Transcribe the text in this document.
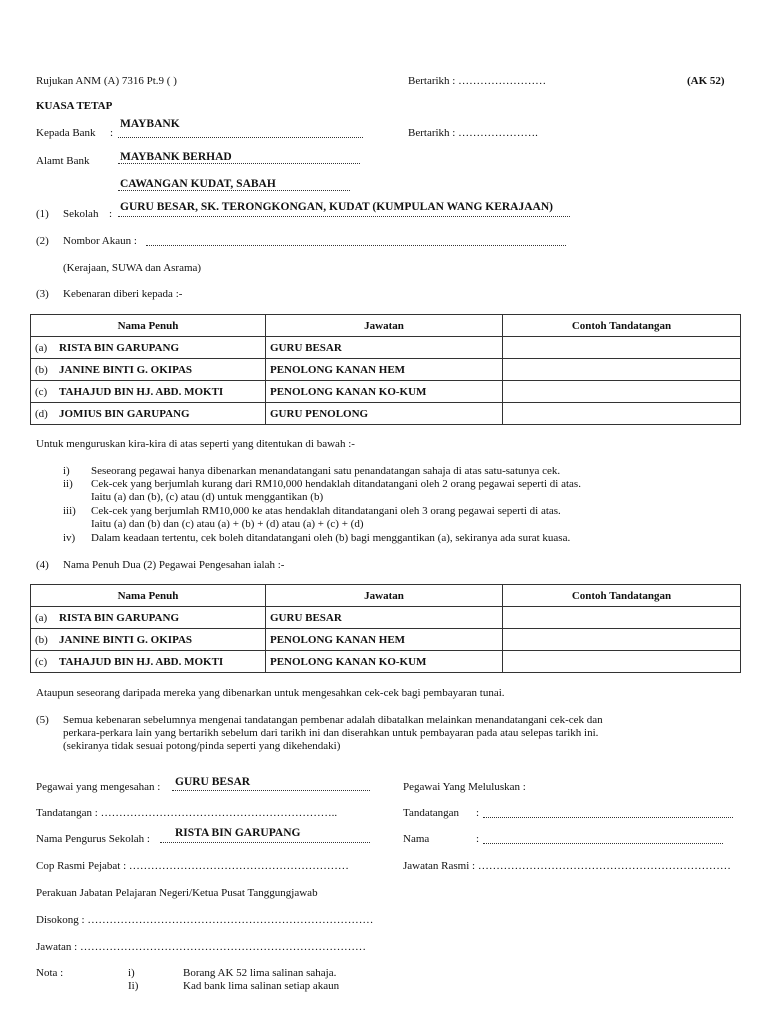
Rujukan ANM (A) 7316 Pt.9 ( )	Bertarikh : ……………………	(AK 52)
KUASA TETAP
Kepada Bank :
MAYBANK
Bertarikh : ………………….
Alamt Bank	MAYBANK BERHAD
CAWANGAN KUDAT, SABAH
(1) Sekolah :
GURU BESAR, SK. TERONGKONGAN, KUDAT (KUMPULAN WANG KERAJAAN)
(2) Nombor Akaun :
(Kerajaan, SUWA dan Asrama)
(3) Kebenaran diberi kepada :-
Nama Penuh	Jawatan	Contoh Tandatangan
(a) RISTA BIN GARUPANG	GURU BESAR	
(b) JANINE BINTI G. OKIPAS	PENOLONG KANAN HEM	
(c) TAHAJUD BIN HJ. ABD. MOKTI	PENOLONG KANAN KO-KUM	
(d) JOMIUS BIN GARUPANG	GURU PENOLONG	
Untuk menguruskan kira-kira di atas seperti yang ditentukan di bawah :-
i) Seseorang pegawai hanya dibenarkan menandatangani satu penandatangan sahaja di atas satu-satunya cek.
ii) Cek-cek yang berjumlah kurang dari RM10,000 hendaklah ditandatangani oleh 2 orang pegawai seperti di atas.
Iaitu (a) dan (b), (c) atau (d) untuk menggantikan (b)
iii) Cek-cek yang berjumlah RM10,000 ke atas hendaklah ditandatangani oleh 3 orang pegawai seperti di atas.
Iaitu (a) dan (b) dan (c) atau (a) + (b) + (d) atau (a) + (c) + (d)
iv) Dalam keadaan tertentu, cek boleh ditandatangani oleh (b) bagi menggantikan (a), sekiranya ada surat kuasa.
(4) Nama Penuh Dua (2) Pegawai Pengesahan ialah :-
Nama Penuh	Jawatan	Contoh Tandatangan
(a) RISTA BIN GARUPANG	GURU BESAR	
(b) JANINE BINTI G. OKIPAS	PENOLONG KANAN HEM	
(c) TAHAJUD BIN HJ. ABD. MOKTI	PENOLONG KANAN KO-KUM	
Ataupun seseorang daripada mereka yang dibenarkan untuk mengesahkan cek-cek bagi pembayaran tunai.
(5) Semua kebenaran sebelumnya mengenai tandatangan pembenar adalah dibatalkan melainkan menandatangani cek-cek dan
perkara-perkara lain yang bertarikh sebelum dari tarikh ini dan diserahkan untuk pembayaran pada atau selepas tarikh ini.
(sekiranya tidak sesuai potong/pinda seperti yang dikehendaki)
Pegawai yang mengesahan : GURU BESAR	Pegawai Yang Meluluskan :
Tandatangan : ………………………………………………………..	Tandatangan :
Nama Pengurus Sekolah : RISTA BIN GARUPANG	Nama	:
Cop Rasmi Pejabat : ……………………………………………………	Jawatan Rasmi : ……………………………………………………………
Perakuan Jabatan Pelajaran Negeri/Ketua Pusat Tanggungjawab
Disokong : ……………………………………………………………………
Jawatan : ……………………………………………………………………
Nota :	i)	Borang AK 52 lima salinan sahaja.
Ii)	Kad bank lima salinan setiap akaun
